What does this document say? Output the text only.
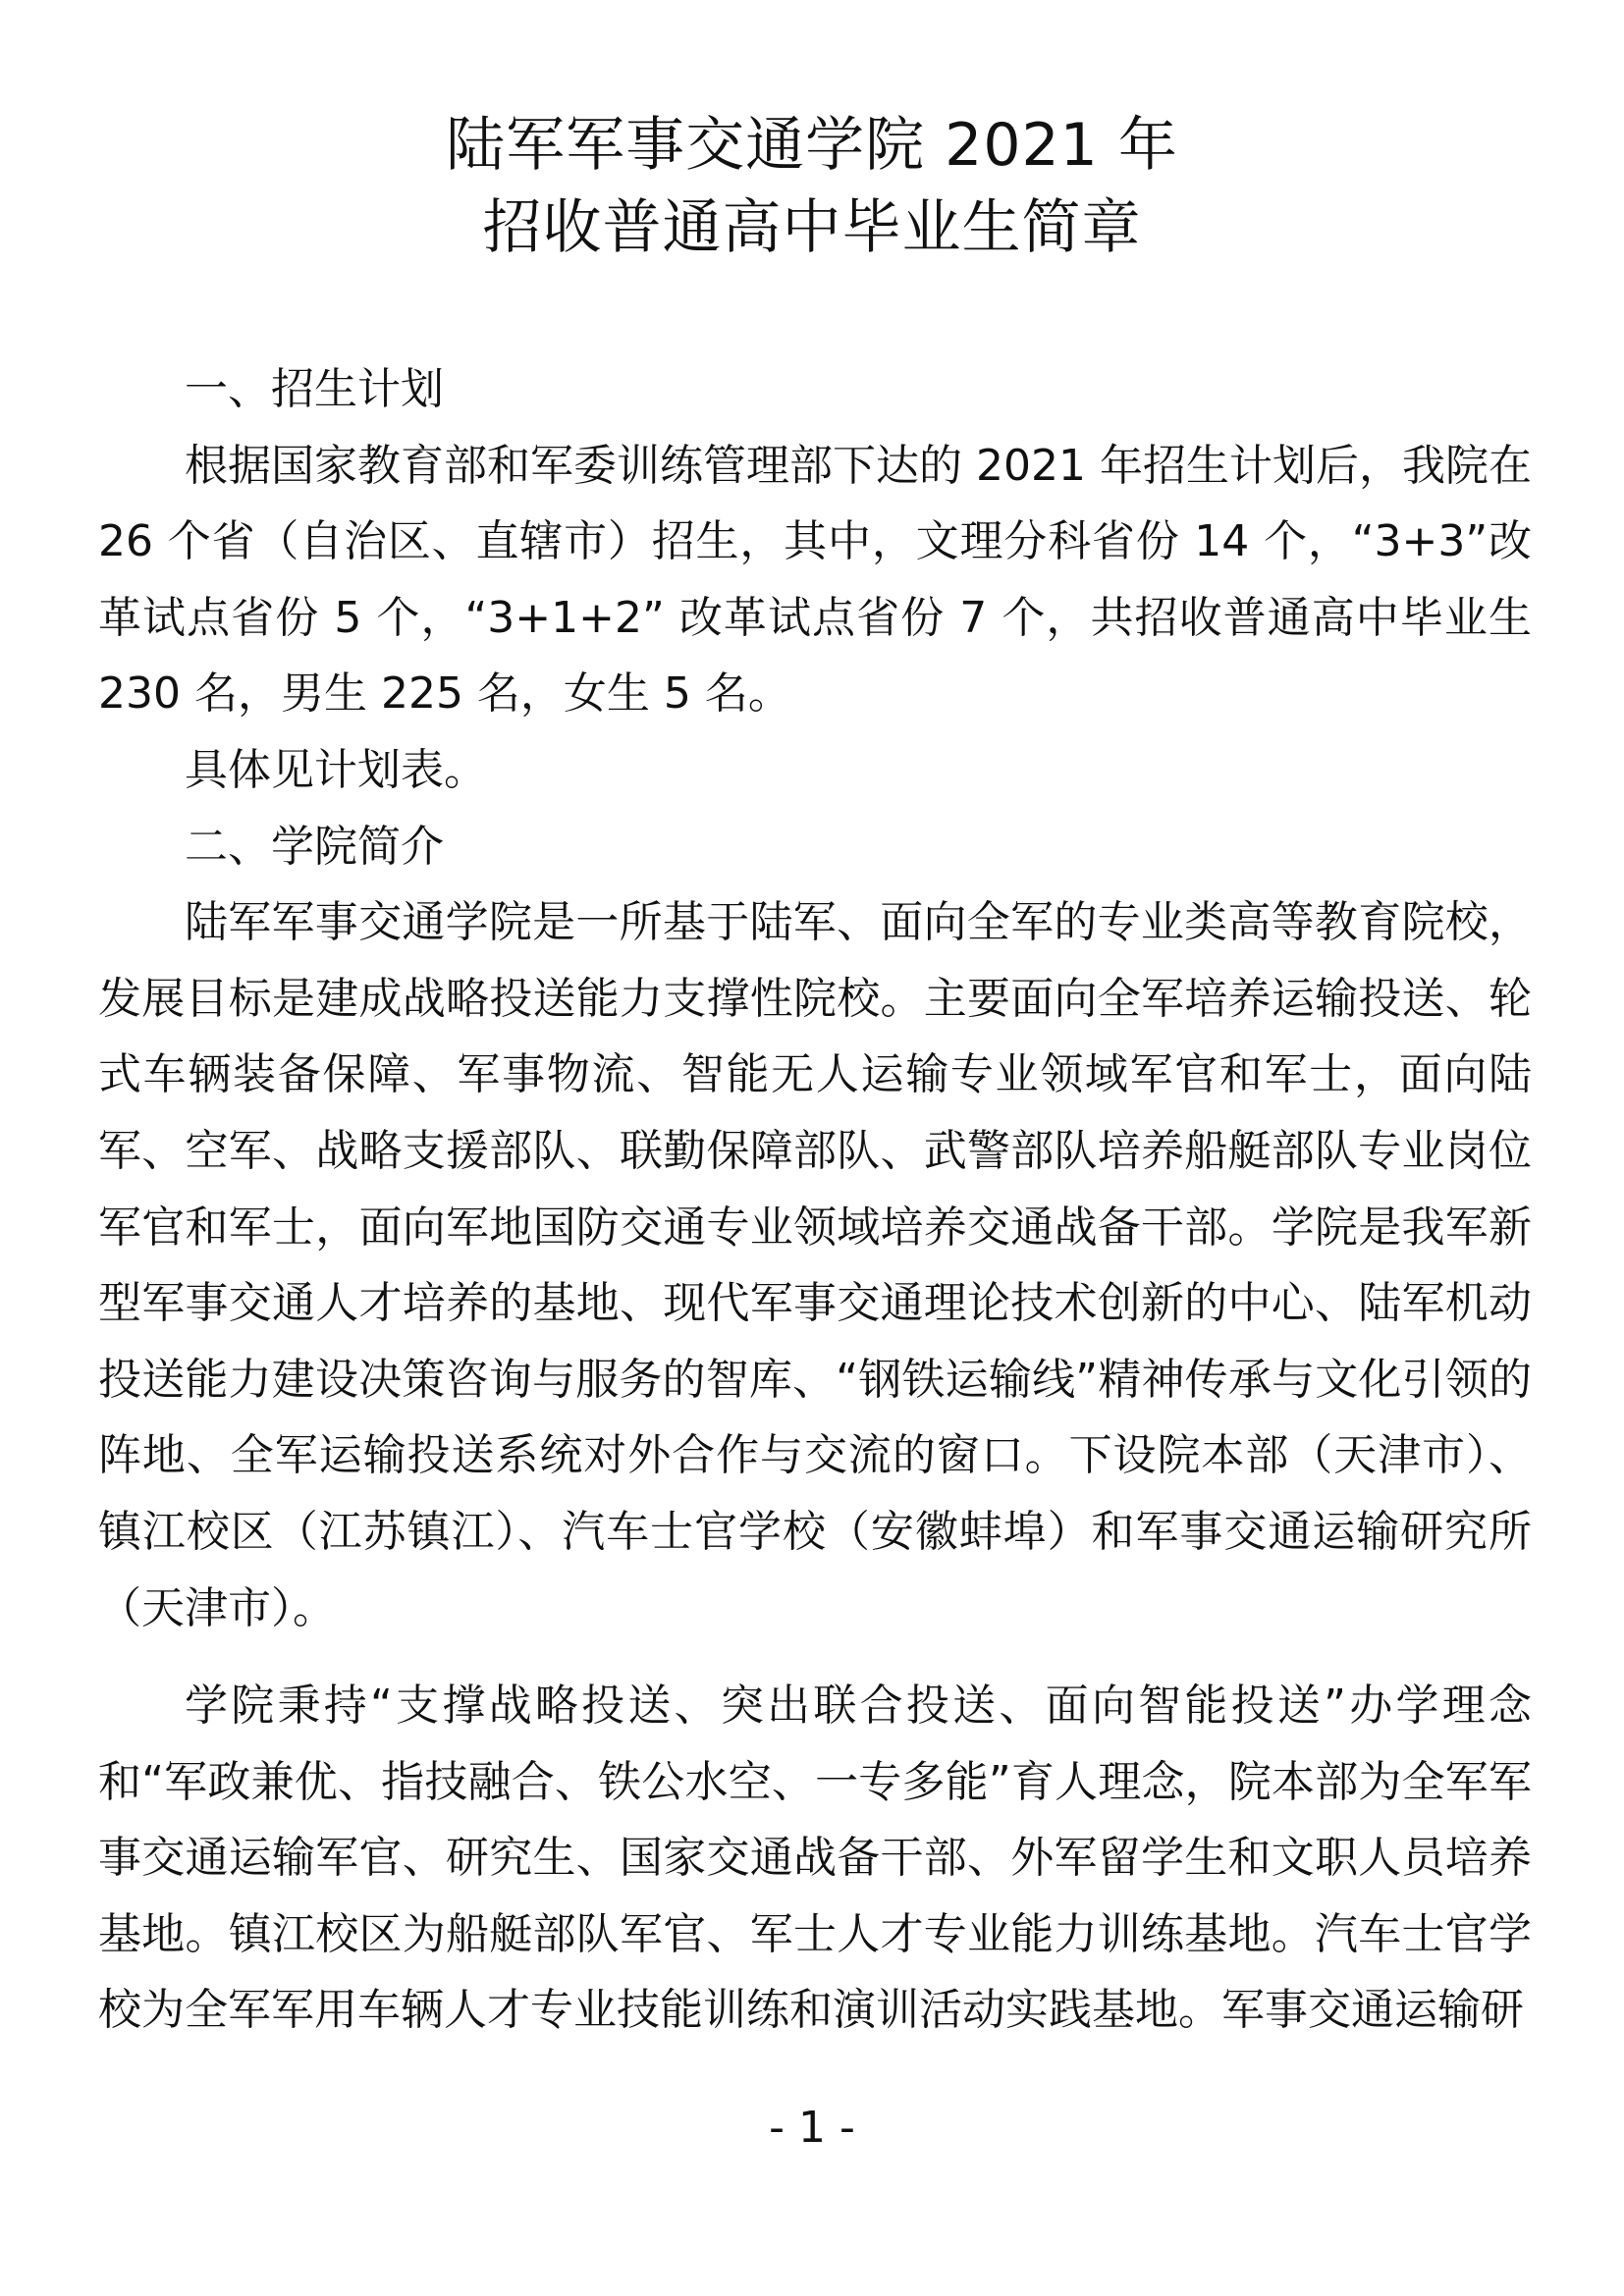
陆军军事交通学院 2021 年
招收普通高中毕业生简章

一、招生计划

根据国家教育部和军委训练管理部下达的 2021 年招生计划后，我院在 26 个省（自治区、直辖市）招生，其中，文理分科省份 14 个，“3+3”改革试点省份 5 个，“3+1+2” 改革试点省份 7 个，共招收普通高中毕业生 230 名，男生 225 名，女生 5 名。

具体见计划表。

二、学院简介

陆军军事交通学院是一所基于陆军、面向全军的专业类高等教育院校，发展目标是建成战略投送能力支撑性院校。主要面向全军培养运输投送、轮式车辆装备保障、军事物流、智能无人运输专业领域军官和军士，面向陆军、空军、战略支援部队、联勤保障部队、武警部队培养船艇部队专业岗位军官和军士，面向军地国防交通专业领域培养交通战备干部。学院是我军新型军事交通人才培养的基地、现代军事交通理论技术创新的中心、陆军机动投送能力建设决策咨询与服务的智库、“钢铁运输线”精神传承与文化引领的阵地、全军运输投送系统对外合作与交流的窗口。下设院本部（天津市）、镇江校区（江苏镇江）、汽车士官学校（安徽蚌埠）和军事交通运输研究所（天津市）。

学院秉持“支撑战略投送、突出联合投送、面向智能投送”办学理念和“军政兼优、指技融合、铁公水空、一专多能”育人理念，院本部为全军军事交通运输军官、研究生、国家交通战备干部、外军留学生和文职人员培养基地。镇江校区为船艇部队军官、军士人才专业能力训练基地。汽车士官学校为全军军用车辆人才专业技能训练和演训活动实践基地。军事交通运输研

- 1 -
